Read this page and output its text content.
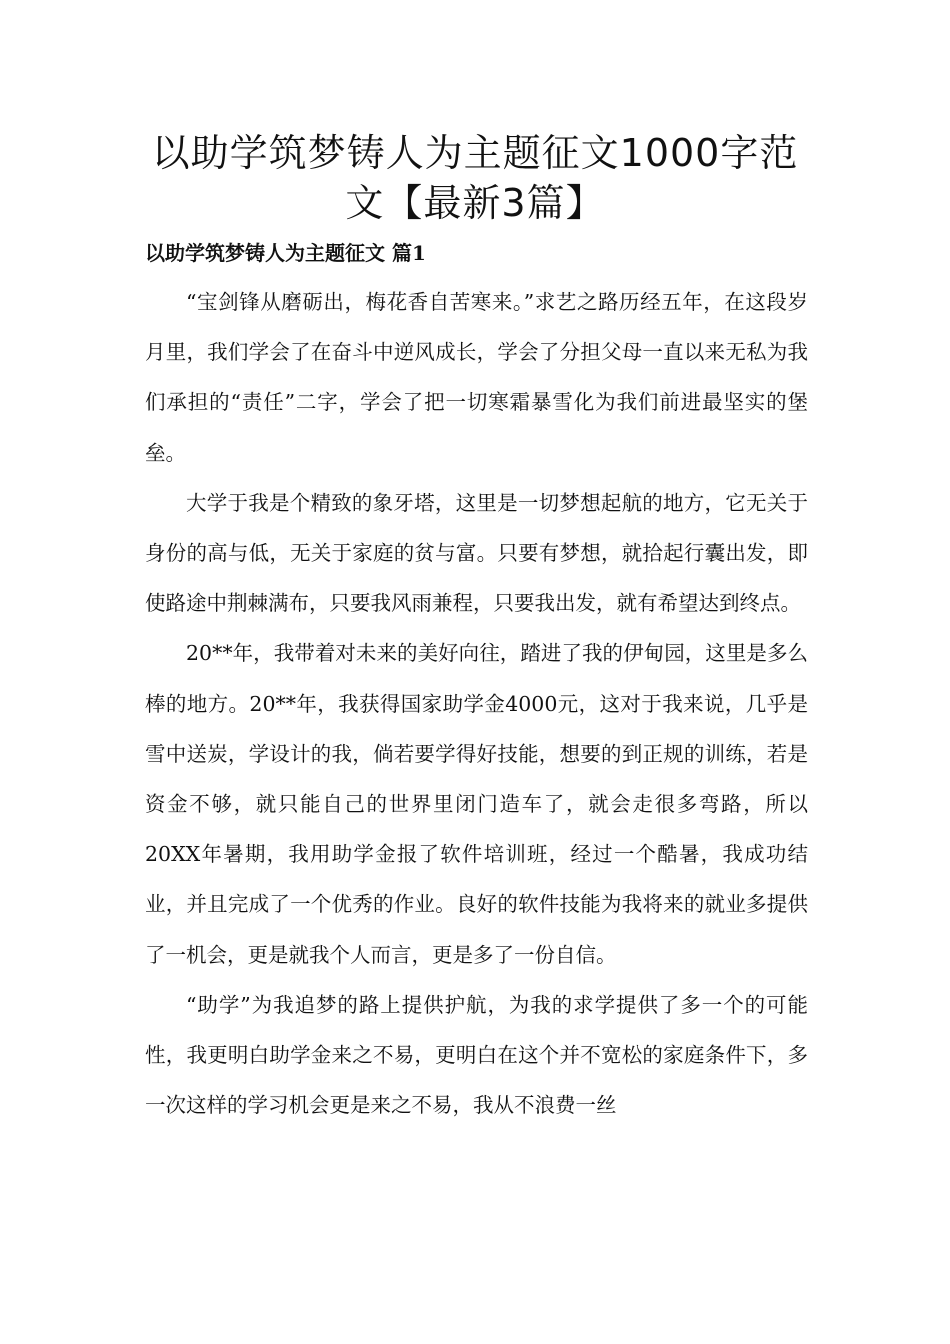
以助学筑梦铸人为主题征文1000字范文【最新3篇】
以助学筑梦铸人为主题征文 篇1

“宝剑锋从磨砺出，梅花香自苦寒来。”求艺之路历经五年，在这段岁月里，我们学会了在奋斗中逆风成长，学会了分担父母一直以来无私为我们承担的“责任”二字，学会了把一切寒霜暴雪化为我们前进最坚实的堡垒。

大学于我是个精致的象牙塔，这里是一切梦想起航的地方，它无关于身份的高与低，无关于家庭的贫与富。只要有梦想，就拾起行囊出发，即使路途中荆棘满布，只要我风雨兼程，只要我出发，就有希望达到终点。

20**年，我带着对未来的美好向往，踏进了我的伊甸园，这里是多么棒的地方。20**年，我获得国家助学金4000元，这对于我来说，几乎是雪中送炭，学设计的我，倘若要学得好技能，想要的到正规的训练，若是资金不够，就只能自己的世界里闭门造车了，就会走很多弯路，所以20XX年暑期，我用助学金报了软件培训班，经过一个酷暑，我成功结业，并且完成了一个优秀的作业。良好的软件技能为我将来的就业多提供了一机会，更是就我个人而言，更是多了一份自信。

“助学”为我追梦的路上提供护航，为我的求学提供了多一个的可能性，我更明白助学金来之不易，更明白在这个并不宽松的家庭条件下，多一次这样的学习机会更是来之不易，我从不浪费一丝
